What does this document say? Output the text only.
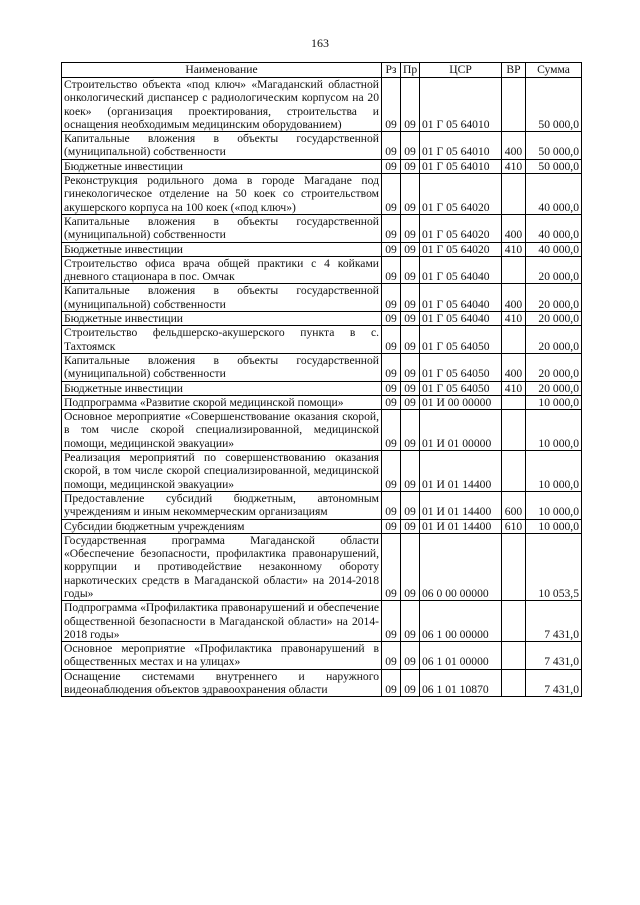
163
Наименование	Рз	Пр	ЦСР	ВР	Сумма
Строительство объекта «под ключ» «Магаданский областной онкологический диспансер с радиологическим корпусом на 20 коек» (организация проектирования, строительства и оснащения необходимым медицинским оборудованием)	09	09	01 Г 05 64010		50 000,0
Капитальные вложения в объекты государственной (муниципальной) собственности	09	09	01 Г 05 64010	400	50 000,0
Бюджетные инвестиции	09	09	01 Г 05 64010	410	50 000,0
Реконструкция родильного дома в городе Магадане под гинекологическое отделение на 50 коек со строительством акушерского корпуса на 100 коек («под ключ»)	09	09	01 Г 05 64020		40 000,0
Капитальные вложения в объекты государственной (муниципальной) собственности	09	09	01 Г 05 64020	400	40 000,0
Бюджетные инвестиции	09	09	01 Г 05 64020	410	40 000,0
Строительство офиса врача общей практики с 4 койками дневного стационара в пос. Омчак	09	09	01 Г 05 64040		20 000,0
Капитальные вложения в объекты государственной (муниципальной) собственности	09	09	01 Г 05 64040	400	20 000,0
Бюджетные инвестиции	09	09	01 Г 05 64040	410	20 000,0
Строительство фельдшерско-акушерского пункта в с. Тахтоямск	09	09	01 Г 05 64050		20 000,0
Капитальные вложения в объекты государственной (муниципальной) собственности	09	09	01 Г 05 64050	400	20 000,0
Бюджетные инвестиции	09	09	01 Г 05 64050	410	20 000,0
Подпрограмма «Развитие скорой медицинской помощи»	09	09	01 И 00 00000		10 000,0
Основное мероприятие «Совершенствование оказания скорой, в том числе скорой специализированной, медицинской помощи, медицинской эвакуации»	09	09	01 И 01 00000		10 000,0
Реализация мероприятий по совершенствованию оказания скорой, в том числе скорой специализированной, медицинской помощи, медицинской эвакуации»	09	09	01 И 01 14400		10 000,0
Предоставление субсидий бюджетным, автономным учреждениям и иным некоммерческим организациям	09	09	01 И 01 14400	600	10 000,0
Субсидии бюджетным учреждениям	09	09	01 И 01 14400	610	10 000,0
Государственная программа Магаданской области «Обеспечение безопасности, профилактика правонарушений, коррупции и противодействие незаконному обороту наркотических средств в Магаданской области» на 2014-2018 годы»	09	09	06 0 00 00000		10 053,5
Подпрограмма «Профилактика правонарушений и обеспечение общественной безопасности в Магаданской области» на 2014-2018 годы»	09	09	06 1 00 00000		7 431,0
Основное мероприятие «Профилактика правонарушений в общественных местах и на улицах»	09	09	06 1 01 00000		7 431,0
Оснащение системами внутреннего и наружного видеонаблюдения объектов здравоохранения области	09	09	06 1 01 10870		7 431,0
